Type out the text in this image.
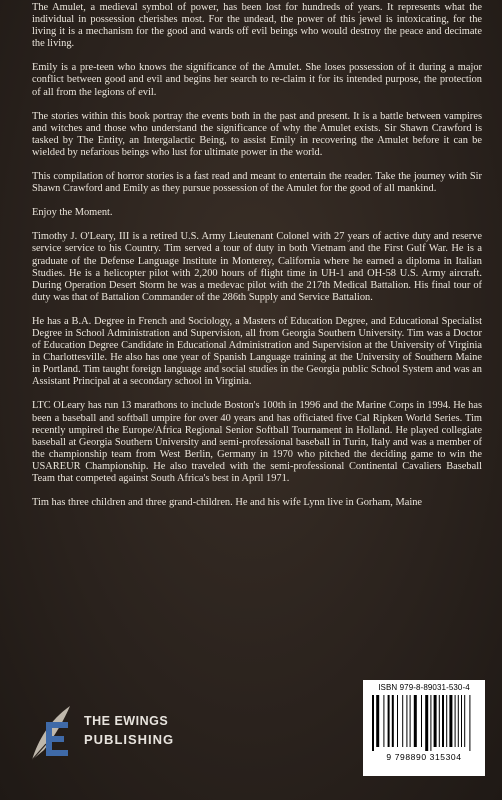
The Amulet, a medieval symbol of power, has been lost for hundreds of years. It represents what the individual in possession cherishes most. For the undead, the power of this jewel is intoxicating, for the living it is a mechanism for the good and wards off evil beings who would destroy the peace and decimate the living.

Emily is a pre-teen who knows the significance of the Amulet. She loses possession of it during a major conflict between good and evil and begins her search to re-claim it for its intended purpose, the protection of all from the legions of evil.

The stories within this book portray the events both in the past and present. It is a battle between vampires and witches and those who understand the significance of why the Amulet exists. Sir Shawn Crawford is tasked by The Entity, an Intergalactic Being, to assist Emily in recovering the Amulet before it can be wielded by nefarious beings who lust for ultimate power in the world.

This compilation of horror stories is a fast read and meant to entertain the reader. Take the journey with Sir Shawn Crawford and Emily as they pursue possession of the Amulet for the good of all mankind.

Enjoy the Moment.

Timothy J. O'Leary, III is a retired U.S. Army Lieutenant Colonel with 27 years of active duty and reserve service service to his Country. Tim served a tour of duty in both Vietnam and the First Gulf War. He is a graduate of the Defense Language Institute in Monterey, California where he earned a diploma in Italian Studies. He is a helicopter pilot with 2,200 hours of flight time in UH-1 and OH-58 U.S. Army aircraft. During Operation Desert Storm he was a medevac pilot with the 217th Medical Battalion. His final tour of duty was that of Battalion Commander of the 286th Supply and Service Battalion.

He has a B.A. Degree in French and Sociology, a Masters of Education Degree, and Educational Specialist Degree in School Administration and Supervision, all from Georgia Southern University. Tim was a Doctor of Education Degree Candidate in Educational Administration and Supervision at the University of Virginia in Charlottesville. He also has one year of Spanish Language training at the University of Southern Maine in Portland. Tim taught foreign language and social studies in the Georgia public School System and was an Assistant Principal at a secondary school in Virginia.

LTC OLeary has run 13 marathons to include Boston's 100th in 1996 and the Marine Corps in 1994. He has been a baseball and softball umpire for over 40 years and has officiated five Cal Ripken World Series. Tim recently umpired the Europe/Africa Regional Senior Softball Tournament in Holland. He played collegiate baseball at Georgia Southern University and semi-professional baseball in Turin, Italy and was a member of the championship team from West Berlin, Germany in 1970 who pitched the deciding game to win the USAREUR Championship. He also traveled with the semi-professional Continental Cavaliers Baseball Team that competed against South Africa's best in April 1971.

Tim has three children and three grand-children. He and his wife Lynn live in Gorham, Maine

THE EWINGS
PUBLISHING
ISBN 979-8-89031-530-4
9 798890 315304
